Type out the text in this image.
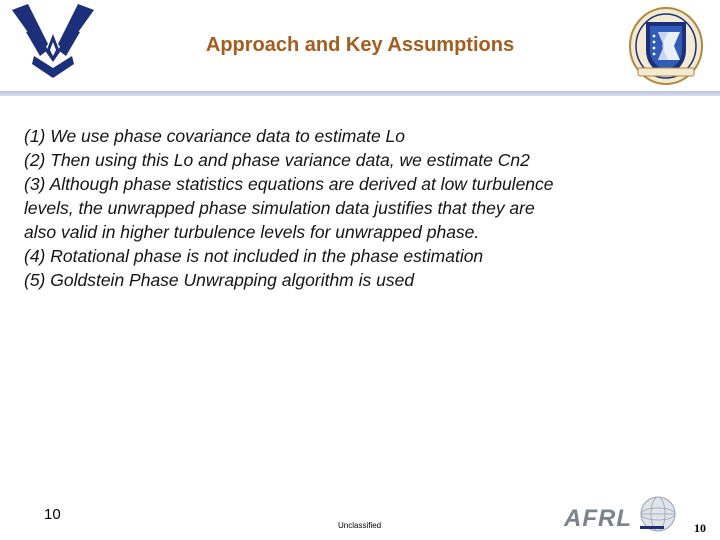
Approach and Key Assumptions

(1) We use phase covariance data to estimate Lo

(2) Then using this Lo and phase variance data, we estimate Cn2

(3) Although phase statistics equations are derived at low turbulence

levels, the unwrapped phase simulation data justifies that they are

also valid in higher turbulence levels for unwrapped phase.

(4) Rotational phase is not included in the phase estimation

(5) Goldstein Phase Unwrapping algorithm is used

10
Unclassified	AFRL	10
